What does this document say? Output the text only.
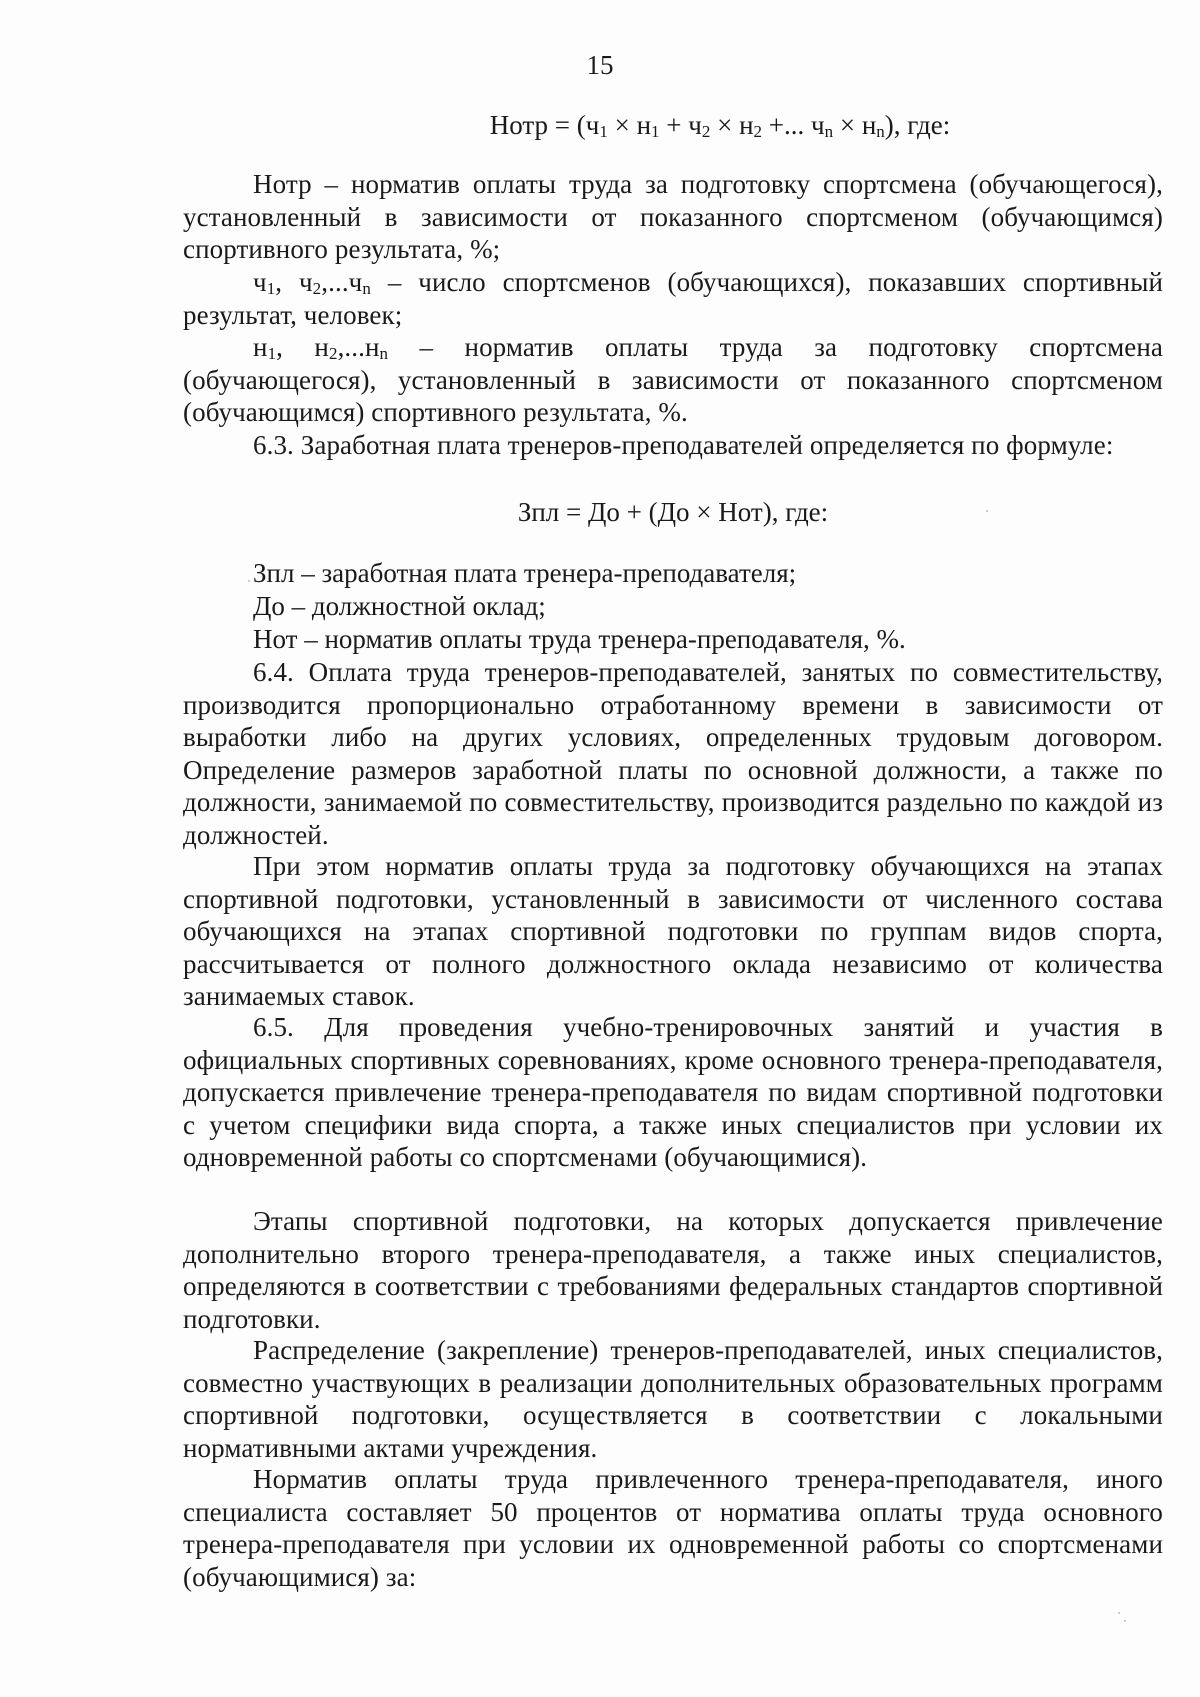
15
Нотр = ($ч_1 \times н_1 + ч_2 \times н_2$ +... $ч_n \times н_n$), где:

Нотр – норматив оплаты труда за подготовку спортсмена (обучающегося), установленный в зависимости от показанного спортсменом (обучающимся) спортивного результата, %;

$ч_1$, $ч_2,...ч_n$ – число спортсменов (обучающихся), показавших спортивный результат, человек;

$н_1$, $н_2,...н_n$ – норматив оплаты труда за подготовку спортсмена (обучающегося), установленный в зависимости от показанного спортсменом (обучающимся) спортивного результата, %.

6.3. Заработная плата тренеров-преподавателей определяется по формуле:

Зпл = До + (До × Нот), где:
Зпл – заработная плата тренера-преподавателя;
До – должностной оклад;
Нот – норматив оплаты труда тренера-преподавателя, %.

6.4. Оплата труда тренеров-преподавателей, занятых по совместительству, производится пропорционально отработанному времени в зависимости от выработки либо на других условиях, определенных трудовым договором. Определение размеров заработной платы по основной должности, а также по должности, занимаемой по совместительству, производится раздельно по каждой из должностей.

При этом норматив оплаты труда за подготовку обучающихся на этапах спортивной подготовки, установленный в зависимости от численного состава обучающихся на этапах спортивной подготовки по группам видов спорта, рассчитывается от полного должностного оклада независимо от количества занимаемых ставок.

6.5. Для проведения учебно-тренировочных занятий и участия в официальных спортивных соревнованиях, кроме основного тренера-преподавателя, допускается привлечение тренера-преподавателя по видам спортивной подготовки с учетом специфики вида спорта, а также иных специалистов при условии их одновременной работы со спортсменами (обучающимися).

Этапы спортивной подготовки, на которых допускается привлечение дополнительно второго тренера-преподавателя, а также иных специалистов, определяются в соответствии с требованиями федеральных стандартов спортивной подготовки.

Распределение (закрепление) тренеров-преподавателей, иных специалистов, совместно участвующих в реализации дополнительных образовательных программ спортивной подготовки, осуществляется в соответствии с локальными нормативными актами учреждения.

Норматив оплаты труда привлеченного тренера-преподавателя, иного специалиста составляет 50 процентов от норматива оплаты труда основного тренера-преподавателя при условии их одновременной работы со спортсменами (обучающимися) за:
